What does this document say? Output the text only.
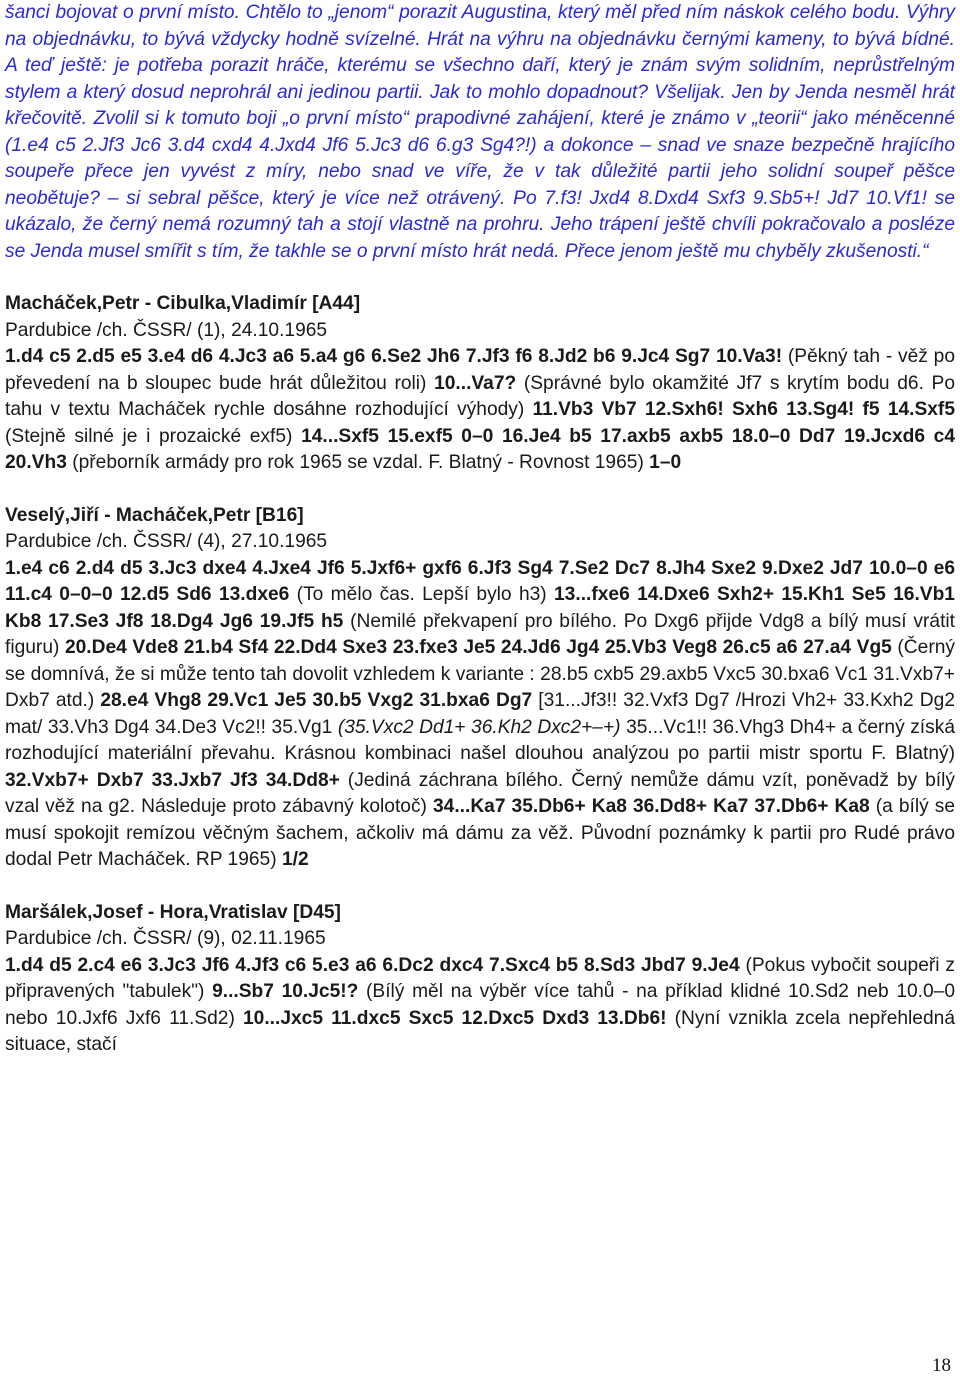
šanci bojovat o první místo. Chtělo to „jenom“ porazit Augustina, který měl před ním náskok celého bodu. Výhry na objednávku, to bývá vždycky hodně svízelné. Hrát na výhru na objednávku černými kameny, to bývá bídné. A teď ještě: je potřeba porazit hráče, kterému se všechno daří, který je znám svým solidním, neprůstřelným stylem a který dosud neprohrál ani jedinou partii. Jak to mohlo dopadnout? Všelijak. Jen by Jenda nesměl hrát křečovitě. Zvolil si k tomuto boji „o první místo“ prapodivné zahájení, které je známo v „teorii“ jako méněcenné (1.e4 c5 2.Jf3 Jc6 3.d4 cxd4 4.Jxd4 Jf6 5.Jc3 d6 6.g3 Sg4?!) a dokonce – snad ve snaze bezpečně hrajícího soupeře přece jen vyvést z míry, nebo snad ve víře, že v tak důležité partii jeho solidní soupeř pěšce neobětuje? – si sebral pěšce, který je více než otrávený. Po 7.f3! Jxd4 8.Dxd4 Sxf3 9.Sb5+! Jd7 10.Vf1! se ukázalo, že černý nemá rozumný tah a stojí vlastně na prohru. Jeho trápení ještě chvíli pokračovalo a posléze se Jenda musel smířit s tím, že takhle se o první místo hrát nedá. Přece jenom ještě mu chyběly zkušenosti.“
Macháček,Petr - Cibulka,Vladimír [A44]
Pardubice /ch. ČSSR/ (1), 24.10.1965
1.d4 c5 2.d5 e5 3.e4 d6 4.Jc3 a6 5.a4 g6 6.Se2 Jh6 7.Jf3 f6 8.Jd2 b6 9.Jc4 Sg7 10.Va3! (Pěkný tah - věž po převedení na b sloupec bude hrát důležitou roli) 10...Va7? (Správné bylo okamžité Jf7 s krytím bodu d6. Po tahu v textu Macháček rychle dosáhne rozhodující výhody) 11.Vb3 Vb7 12.Sxh6! Sxh6 13.Sg4! f5 14.Sxf5 (Stejně silné je i prozaické exf5) 14...Sxf5 15.exf5 0–0 16.Je4 b5 17.axb5 axb5 18.0–0 Dd7 19.Jcxd6 c4 20.Vh3 (přeborník armády pro rok 1965 se vzdal. F. Blatný - Rovnost 1965) 1–0
Veselý,Jiří - Macháček,Petr [B16]
Pardubice /ch. ČSSR/ (4), 27.10.1965
1.e4 c6 2.d4 d5 3.Jc3 dxe4 4.Jxe4 Jf6 5.Jxf6+ gxf6 6.Jf3 Sg4 7.Se2 Dc7 8.Jh4 Sxe2 9.Dxe2 Jd7 10.0–0 e6 11.c4 0–0–0 12.d5 Sd6 13.dxe6 (To mělo čas. Lepší bylo h3) 13...fxe6 14.Dxe6 Sxh2+ 15.Kh1 Se5 16.Vb1 Kb8 17.Se3 Jf8 18.Dg4 Jg6 19.Jf5 h5 (Nemilé překvapení pro bílého. Po Dxg6 přijde Vdg8 a bílý musí vrátit figuru) 20.De4 Vde8 21.b4 Sf4 22.Dd4 Sxe3 23.fxe3 Je5 24.Jd6 Jg4 25.Vb3 Veg8 26.c5 a6 27.a4 Vg5 (Černý se domnívá, že si může tento tah dovolit vzhledem k variante : 28.b5 cxb5 29.axb5 Vxc5 30.bxa6 Vc1 31.Vxb7+ Dxb7 atd.) 28.e4 Vhg8 29.Vc1 Je5 30.b5 Vxg2 31.bxa6 Dg7 [31...Jf3!! 32.Vxf3 Dg7 /Hrozi Vh2+ 33.Kxh2 Dg2 mat/ 33.Vh3 Dg4 34.De3 Vc2!! 35.Vg1 (35.Vxc2 Dd1+ 36.Kh2 Dxc2+–+) 35...Vc1!! 36.Vhg3 Dh4+ a černý získá rozhodující materiální převahu. Krásnou kombinaci našel dlouhou analýzou po partii mistr sportu F. Blatný) 32.Vxb7+ Dxb7 33.Jxb7 Jf3 34.Dd8+ (Jediná záchrana bílého. Černý nemůže dámu vzít, poněvadž by bílý vzal věž na g2. Následuje proto zábavný kolotoč) 34...Ka7 35.Db6+ Ka8 36.Dd8+ Ka7 37.Db6+ Ka8 (a bílý se musí spokojit remízou věčným šachem, ačkoliv má dámu za věž. Původní poznámky k partii pro Rudé právo dodal Petr Macháček. RP 1965) 1/2
Maršálek,Josef - Hora,Vratislav [D45]
Pardubice /ch. ČSSR/ (9), 02.11.1965
1.d4 d5 2.c4 e6 3.Jc3 Jf6 4.Jf3 c6 5.e3 a6 6.Dc2 dxc4 7.Sxc4 b5 8.Sd3 Jbd7 9.Je4 (Pokus vybočit soupeři z připravených "tabulek") 9...Sb7 10.Jc5!? (Bílý měl na výběr více tahů - na příklad klidné 10.Sd2 neb 10.0–0 nebo 10.Jxf6 Jxf6 11.Sd2) 10...Jxc5 11.dxc5 Sxc5 12.Dxc5 Dxd3 13.Db6! (Nyní vznikla zcela nepřehledná situace, stačí
18
